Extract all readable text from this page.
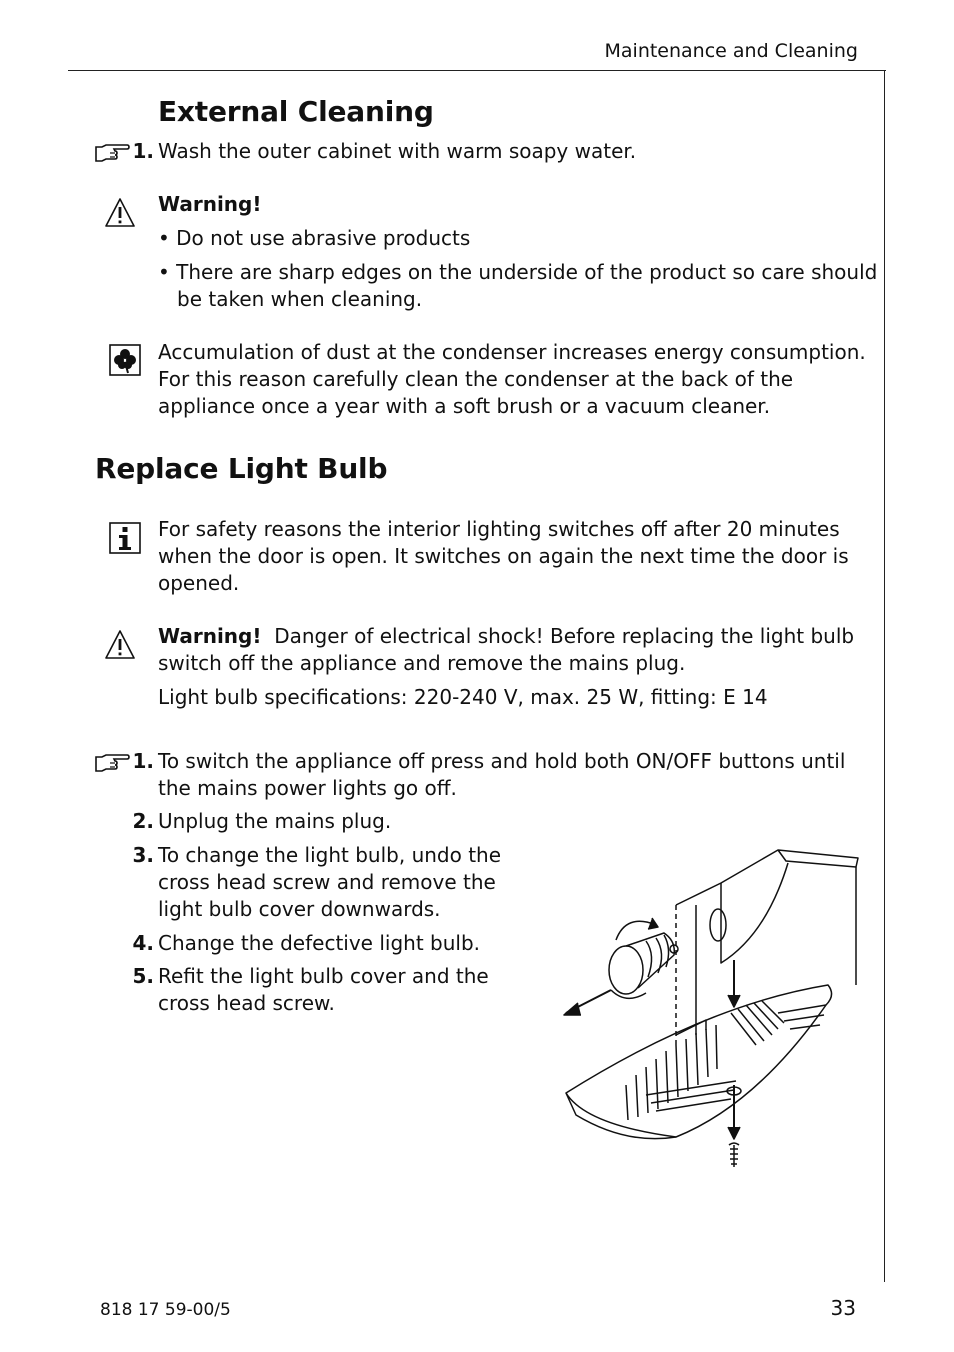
Maintenance and Cleaning
External Cleaning
1. Wash the outer cabinet with warm soapy water.
Warning!
• Do not use abrasive products
• There are sharp edges on the underside of the product so care should
be taken when cleaning.
Accumulation of dust at the condenser increases energy consumption.
For this reason carefully clean the condenser at the back of the
appliance once a year with a soft brush or a vacuum cleaner.
Replace Light Bulb
For safety reasons the interior lighting switches off after 20 minutes
when the door is open. It switches on again the next time the door is
opened.
Warning! Danger of electrical shock! Before replacing the light bulb
switch off the appliance and remove the mains plug.
Light bulb specifications: 220-240 V, max. 25 W, fitting: E 14
1. To switch the appliance off press and hold both ON/OFF buttons until
the mains power lights go off.
2. Unplug the mains plug.
3. To change the light bulb, undo the
cross head screw and remove the
light bulb cover downwards.
4. Change the defective light bulb.
5. Refit the light bulb cover and the
cross head screw.
818 17 59-00/5	33
